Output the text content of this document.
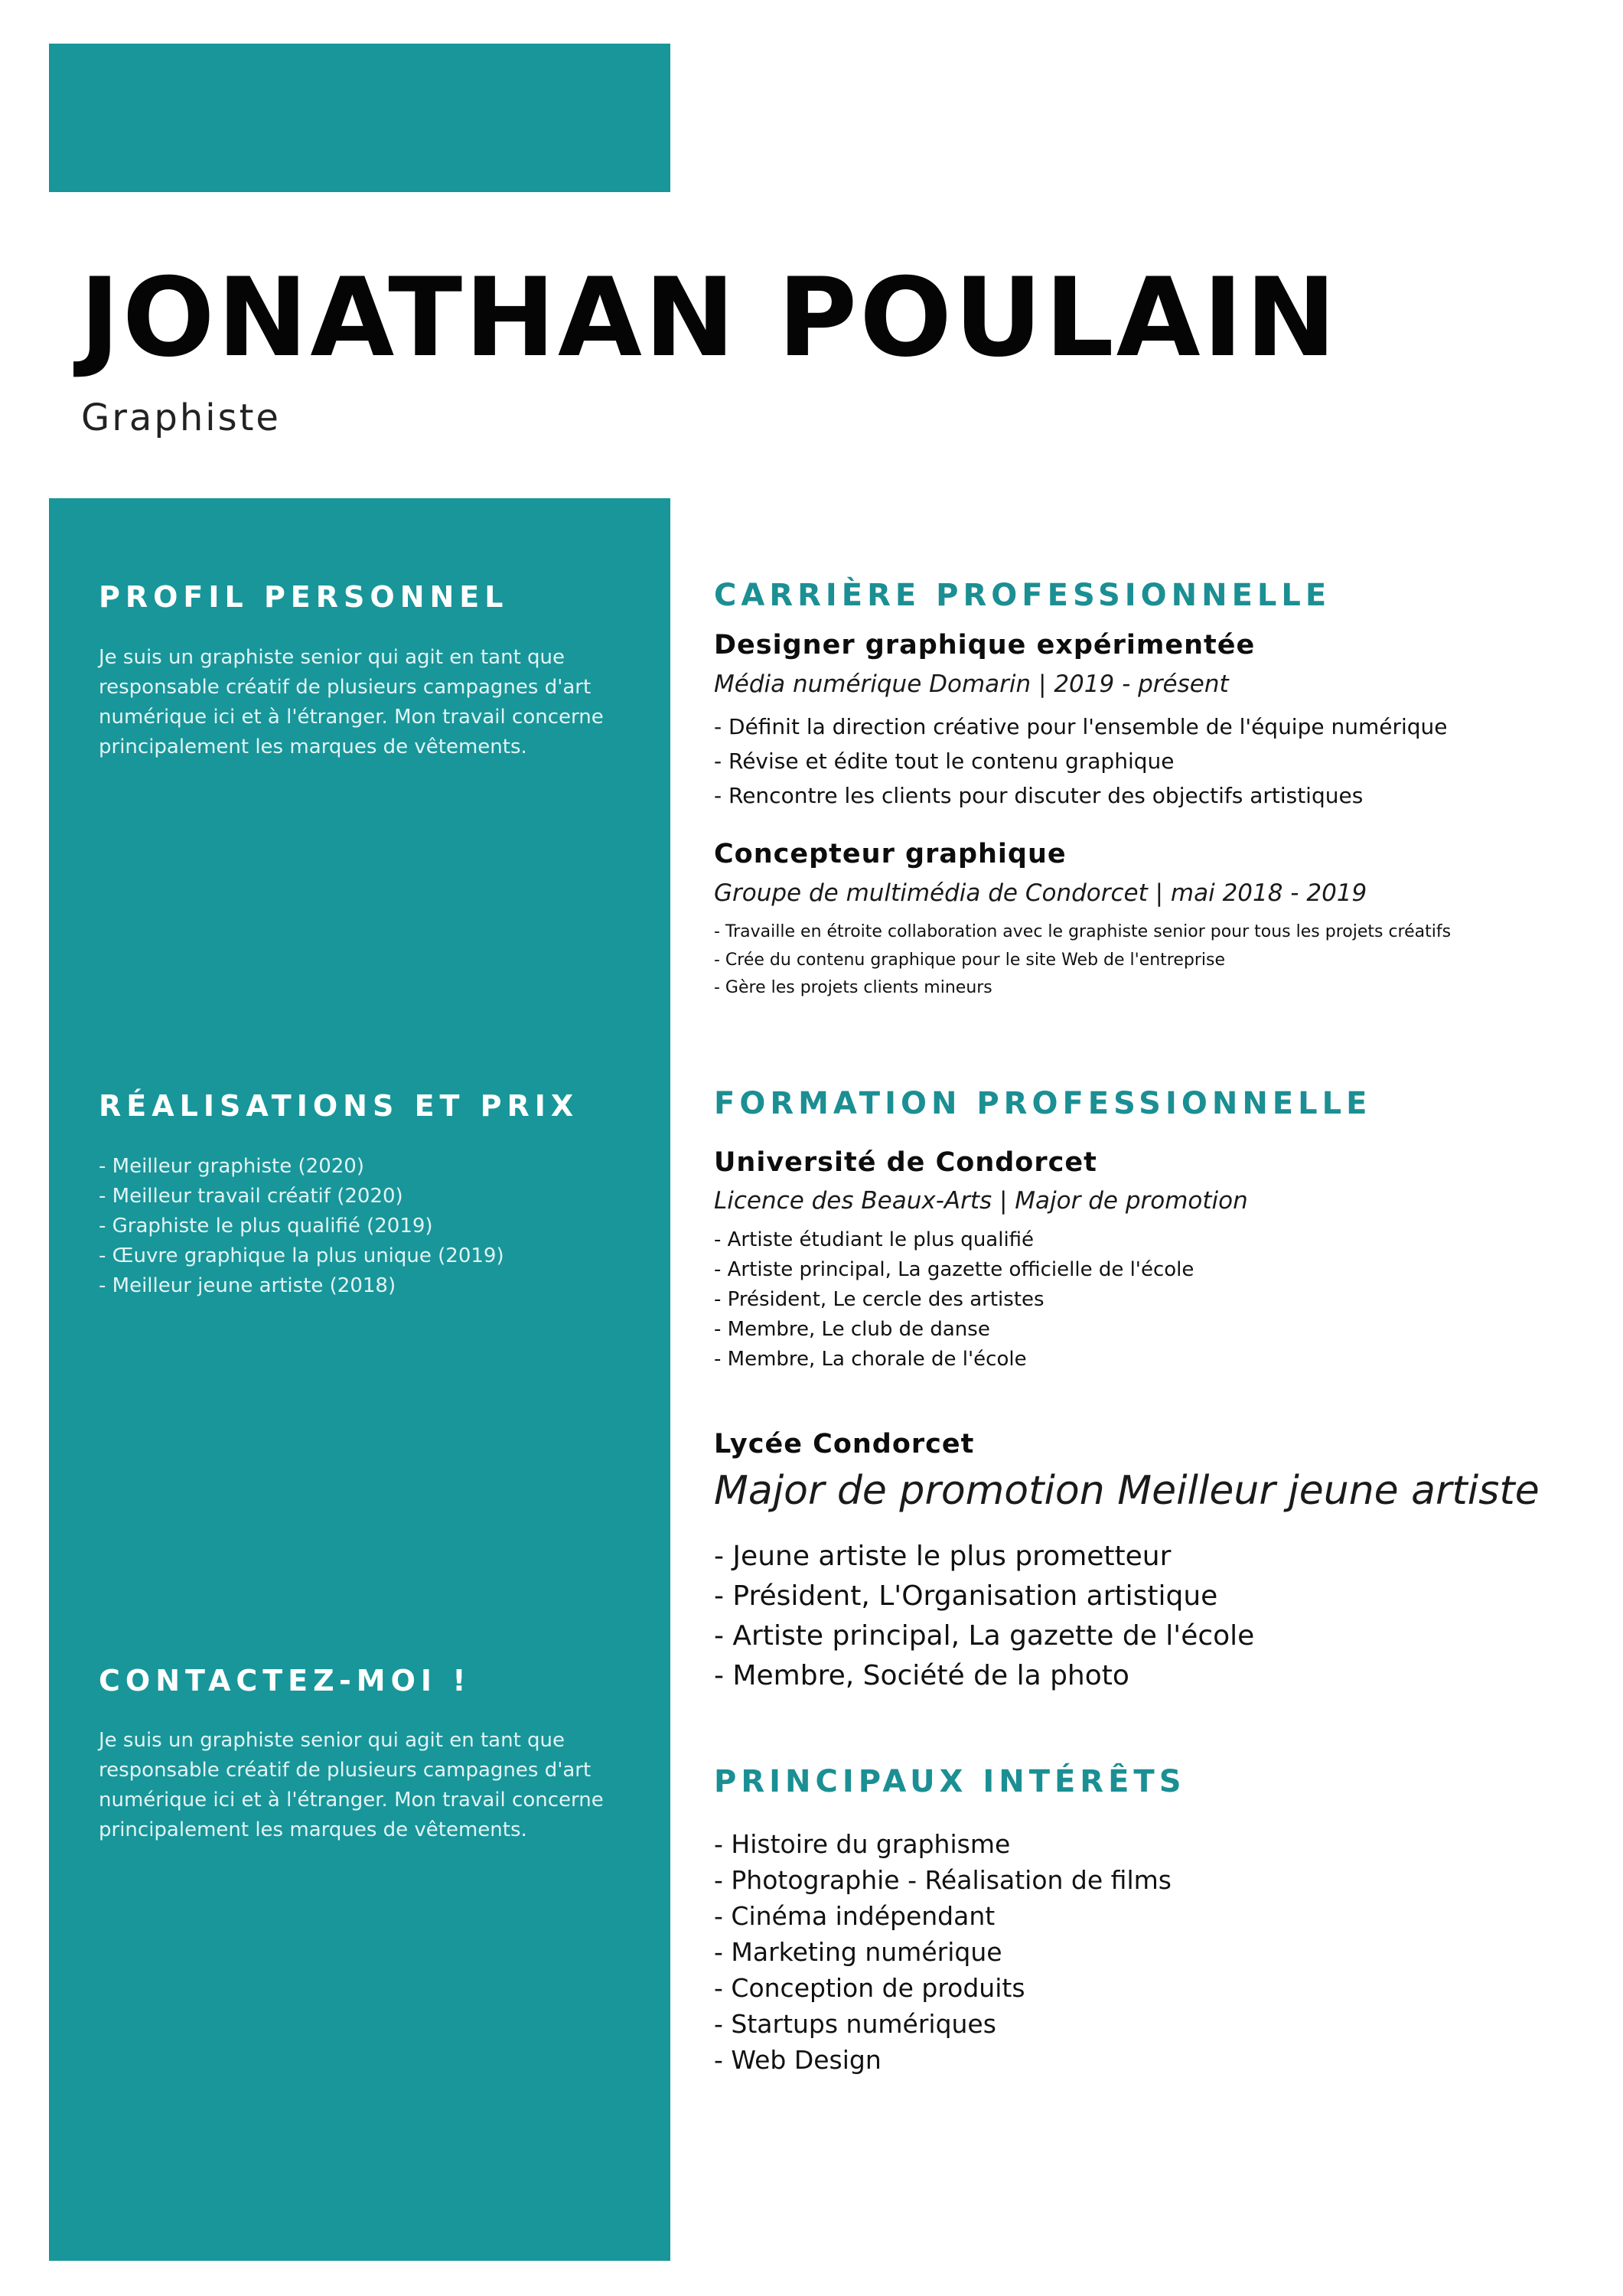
JONATHAN POULAIN
Graphiste
PROFIL PERSONNEL

Je suis un graphiste senior qui agit en tant que responsable créatif de plusieurs campagnes d'art numérique ici et à l'étranger. Mon travail concerne principalement les marques de vêtements.

RÉALISATIONS ET PRIX
- Meilleur graphiste (2020)
- Meilleur travail créatif (2020)
- Graphiste le plus qualifié (2019)
- Œuvre graphique la plus unique (2019)
- Meilleur jeune artiste (2018)
CONTACTEZ-MOI !

Je suis un graphiste senior qui agit en tant que responsable créatif de plusieurs campagnes d'art numérique ici et à l'étranger. Mon travail concerne principalement les marques de vêtements.

CARRIÈRE PROFESSIONNELLE
Designer graphique expérimentée
Média numérique Domarin | 2019 - présent
- Définit la direction créative pour l'ensemble de l'équipe numérique
- Révise et édite tout le contenu graphique
- Rencontre les clients pour discuter des objectifs artistiques
Concepteur graphique
Groupe de multimédia de Condorcet | mai 2018 - 2019
- Travaille en étroite collaboration avec le graphiste senior pour tous les projets créatifs
- Crée du contenu graphique pour le site Web de l'entreprise
- Gère les projets clients mineurs
FORMATION PROFESSIONNELLE
Université de Condorcet
Licence des Beaux-Arts | Major de promotion
- Artiste étudiant le plus qualifié
- Artiste principal, La gazette officielle de l'école
- Président, Le cercle des artistes
- Membre, Le club de danse
- Membre, La chorale de l'école
Lycée Condorcet
Major de promotion Meilleur jeune artiste
- Jeune artiste le plus prometteur
- Président, L'Organisation artistique
- Artiste principal, La gazette de l'école
- Membre, Société de la photo
PRINCIPAUX INTÉRÊTS
- Histoire du graphisme
- Photographie - Réalisation de films
- Cinéma indépendant
- Marketing numérique
- Conception de produits
- Startups numériques
- Web Design
